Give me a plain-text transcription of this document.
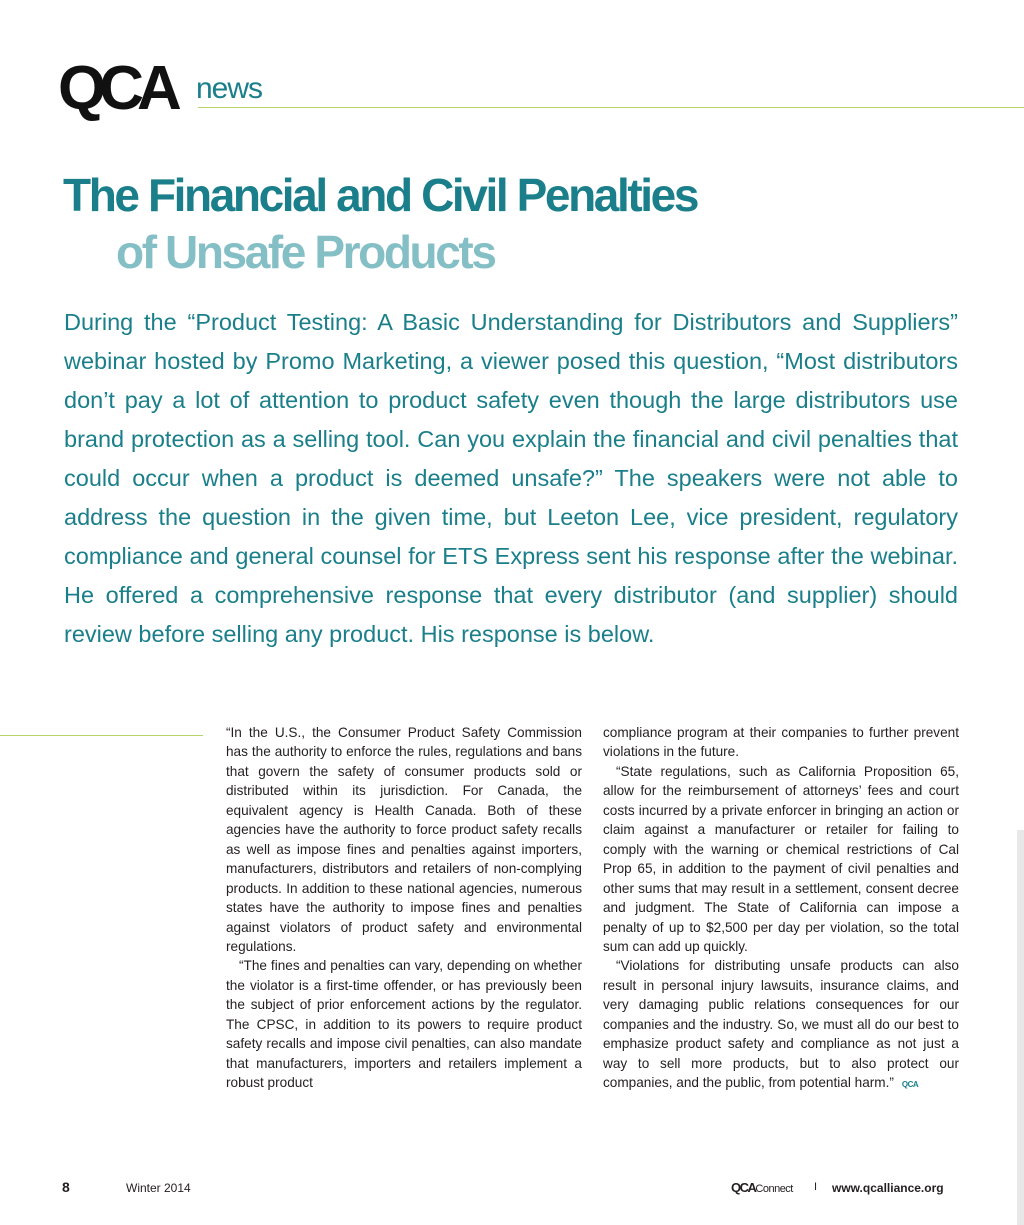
QCA news
The Financial and Civil Penalties
of Unsafe Products

During the “Product Testing: A Basic Understanding for Distributors and Suppliers” webinar hosted by Promo Marketing, a viewer posed this question, “Most distributors don’t pay a lot of attention to product safety even though the large distributors use brand protection as a selling tool. Can you explain the financial and civil penalties that could occur when a product is deemed unsafe?” The speakers were not able to address the question in the given time, but Leeton Lee, vice president, regulatory compliance and general counsel for ETS Express sent his response after the webinar. He offered a comprehensive response that every distributor (and supplier) should review before selling any product. His response is below.

“In the U.S., the Consumer Product Safety Commission has the authority to enforce the rules, regulations and bans that govern the safety of consumer products sold or distributed within its jurisdiction. For Canada, the equivalent agency is Health Canada. Both of these agencies have the authority to force product safety recalls as well as impose fines and penalties against importers, manufacturers, distributors and retailers of non-complying products. In addition to these national agencies, numerous states have the authority to impose fines and penalties against violators of product safety and environmental regulations.

“The fines and penalties can vary, depending on whether the violator is a first-time offender, or has previously been the subject of prior enforcement actions by the regulator. The CPSC, in addition to its powers to require product safety recalls and impose civil penalties, can also mandate that manufacturers, importers and retailers implement a robust product

compliance program at their companies to further prevent violations in the future.

“State regulations, such as California Proposition 65, allow for the reimbursement of attorneys’ fees and court costs incurred by a private enforcer in bringing an action or claim against a manufacturer or retailer for failing to comply with the warning or chemical restrictions of Cal Prop 65, in addition to the payment of civil penalties and other sums that may result in a settlement, consent decree and judgment. The State of California can impose a penalty of up to $2,500 per day per violation, so the total sum can add up quickly.

“Violations for distributing unsafe products can also result in personal injury lawsuits, insurance claims, and very damaging public relations consequences for our companies and the industry. So, we must all do our best to emphasize product safety and compliance as not just a way to sell more products, but to also protect our companies, and the public, from potential harm.” QCA

8	Winter 2014	QCAConnect I www.qcalliance.org
